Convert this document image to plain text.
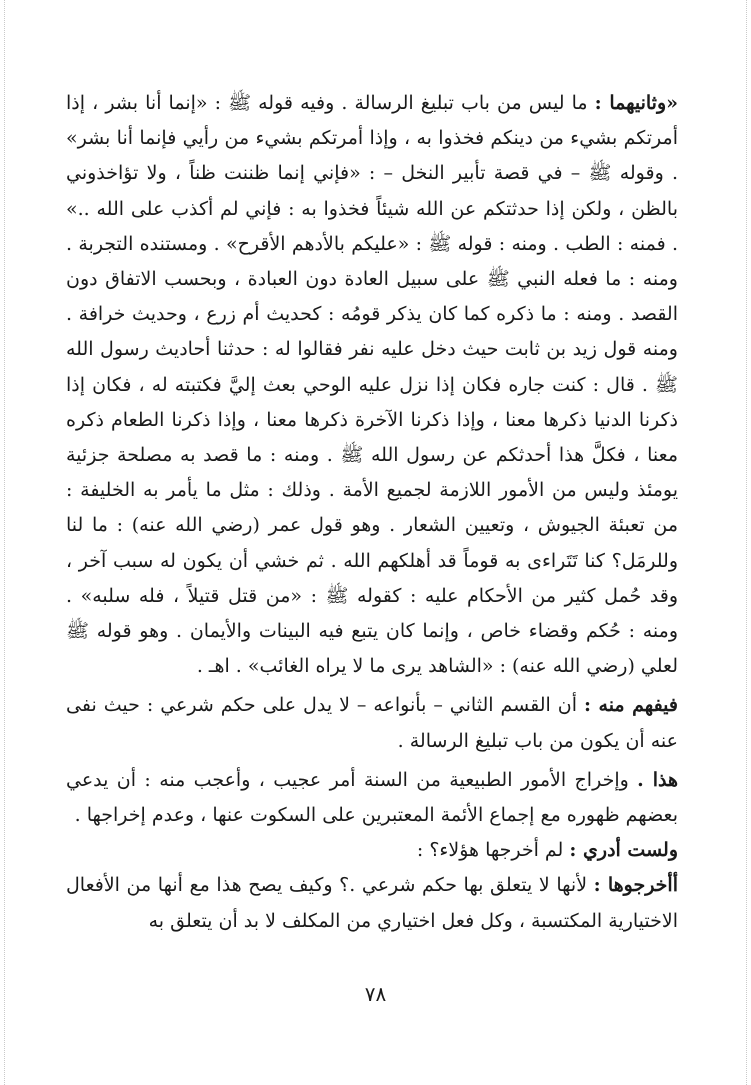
«وثانيهما : ما ليس من باب تبليغ الرسالة . وفيه قوله ﷺ : «إنما أنا بشر ، إذا أمرتكم بشيء من دينكم فخذوا به ، وإذا أمرتكم بشيء من رأيي فإنما أنا بشر» . وقوله ﷺ – في قصة تأبير النخل – : «فإني إنما ظننت ظناً ، ولا تؤاخذوني بالظن ، ولكن إذا حدثتكم عن الله شيئاً فخذوا به : فإني لم أكذب على الله ..» . فمنه : الطب . ومنه : قوله ﷺ : «عليكم بالأدهم الأقرح» . ومستنده التجربة . ومنه : ما فعله النبي ﷺ على سبيل العادة دون العبادة ، وبحسب الاتفاق دون القصد . ومنه : ما ذكره كما كان يذكر قومُه : كحديث أم زرع ، وحديث خرافة . ومنه قول زيد بن ثابت حيث دخل عليه نفر فقالوا له : حدثنا أحاديث رسول الله ﷺ . قال : كنت جاره فكان إذا نزل عليه الوحي بعث إليَّ فكتبته له ، فكان إذا ذكرنا الدنيا ذكرها معنا ، وإذا ذكرنا الآخرة ذكرها معنا ، وإذا ذكرنا الطعام ذكره معنا ، فكلَّ هذا أحدثكم عن رسول الله ﷺ . ومنه : ما قصد به مصلحة جزئية يومئذ وليس من الأمور اللازمة لجميع الأمة . وذلك : مثل ما يأمر به الخليفة : من تعبئة الجيوش ، وتعيين الشعار . وهو قول عمر (رضي الله عنه) : ما لنا وللرمَل؟ كنا تَتَراءى به قوماً قد أهلكهم الله . ثم خشي أن يكون له سبب آخر ، وقد حُمل كثير من الأحكام عليه : كقوله ﷺ : «من قتل قتيلاً ، فله سلبه» . ومنه : حُكم وقضاء خاص ، وإنما كان يتبع فيه البينات والأيمان . وهو قوله ﷺ لعلي (رضي الله عنه) : «الشاهد يرى ما لا يراه الغائب» . اهـ .

فيفهم منه : أن القسم الثاني – بأنواعه – لا يدل على حكم شرعي : حيث نفى عنه أن يكون من باب تبليغ الرسالة .

هذا . وإخراج الأمور الطبيعية من السنة أمر عجيب ، وأعجب منه : أن يدعي بعضهم ظهوره مع إجماع الأئمة المعتبرين على السكوت عنها ، وعدم إخراجها .

ولست أدري : لم أخرجها هؤلاء؟ :

أأخرجوها : لأنها لا يتعلق بها حكم شرعي .؟ وكيف يصح هذا مع أنها من الأفعال الاختيارية المكتسبة ، وكل فعل اختياري من المكلف لا بد أن يتعلق به

٧٨
